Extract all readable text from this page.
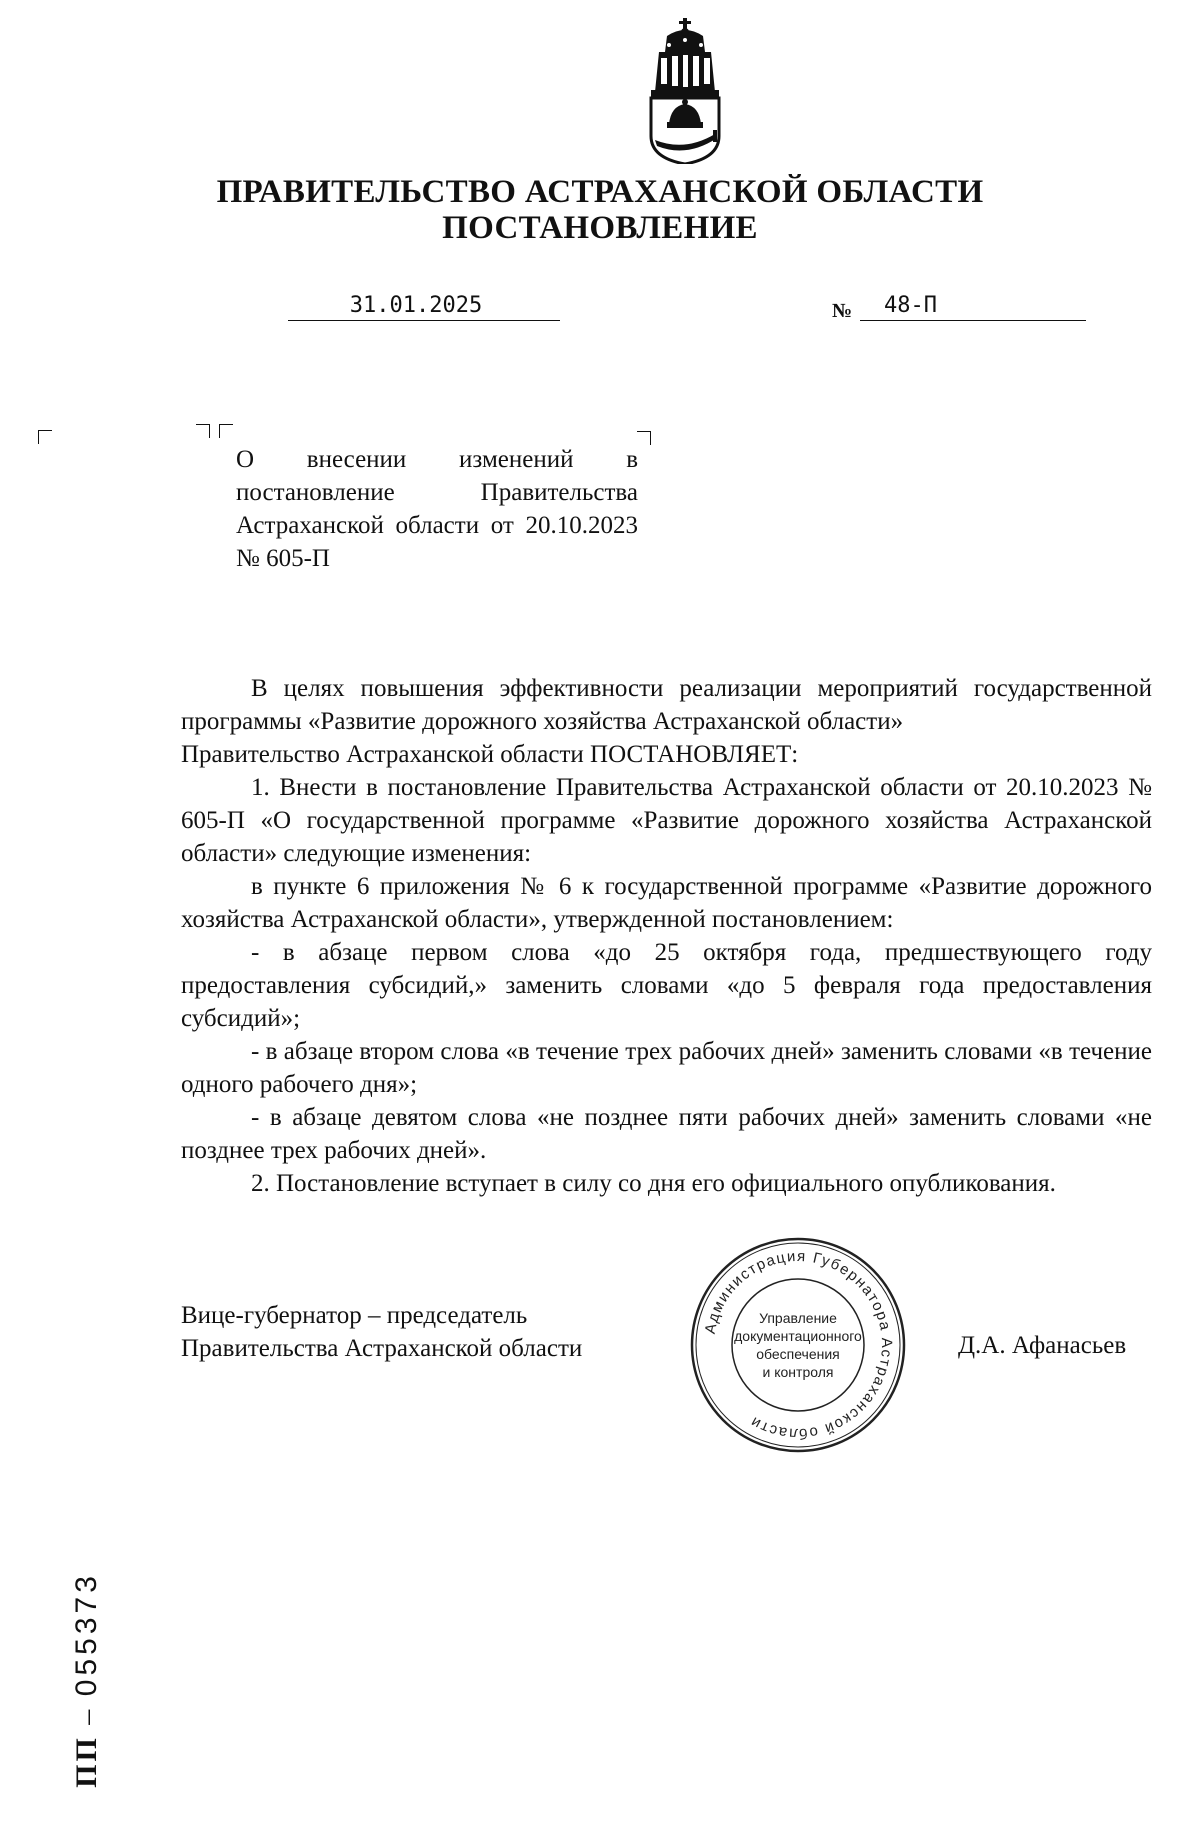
ПРАВИТЕЛЬСТВО АСТРАХАНСКОЙ ОБЛАСТИ
ПОСТАНОВЛЕНИЕ
31.01.2025	№	48-П

О внесении изменений в постановление Правительства Астраханской области от 20.10.2023 № 605-П

В целях повышения эффективности реализации мероприятий государственной программы «Развитие дорожного хозяйства Астраханской области»

Правительство Астраханской области ПОСТАНОВЛЯЕТ:

1. Внести в постановление Правительства Астраханской области от 20.10.2023 № 605-П «О государственной программе «Развитие дорожного хозяйства Астраханской области» следующие изменения:

в пункте 6 приложения № 6 к государственной программе «Развитие дорожного хозяйства Астраханской области», утвержденной постановлением:

- в абзаце первом слова «до 25 октября года, предшествующего году предоставления субсидий,» заменить словами «до 5 февраля года предоставления субсидий»;

- в абзаце втором слова «в течение трех рабочих дней» заменить словами «в течение одного рабочего дня»;

- в абзаце девятом слова «не позднее пяти рабочих дней» заменить словами «не позднее трех рабочих дней».

2. Постановление вступает в силу со дня его официального опубликования.

Вице-губернатор – председатель
Правительства Астраханской области	Д.А. Афанасьев
Администрация Губернатора Астраханской области
Управление
документационного
обеспечения
и контроля
ПП – 055373
